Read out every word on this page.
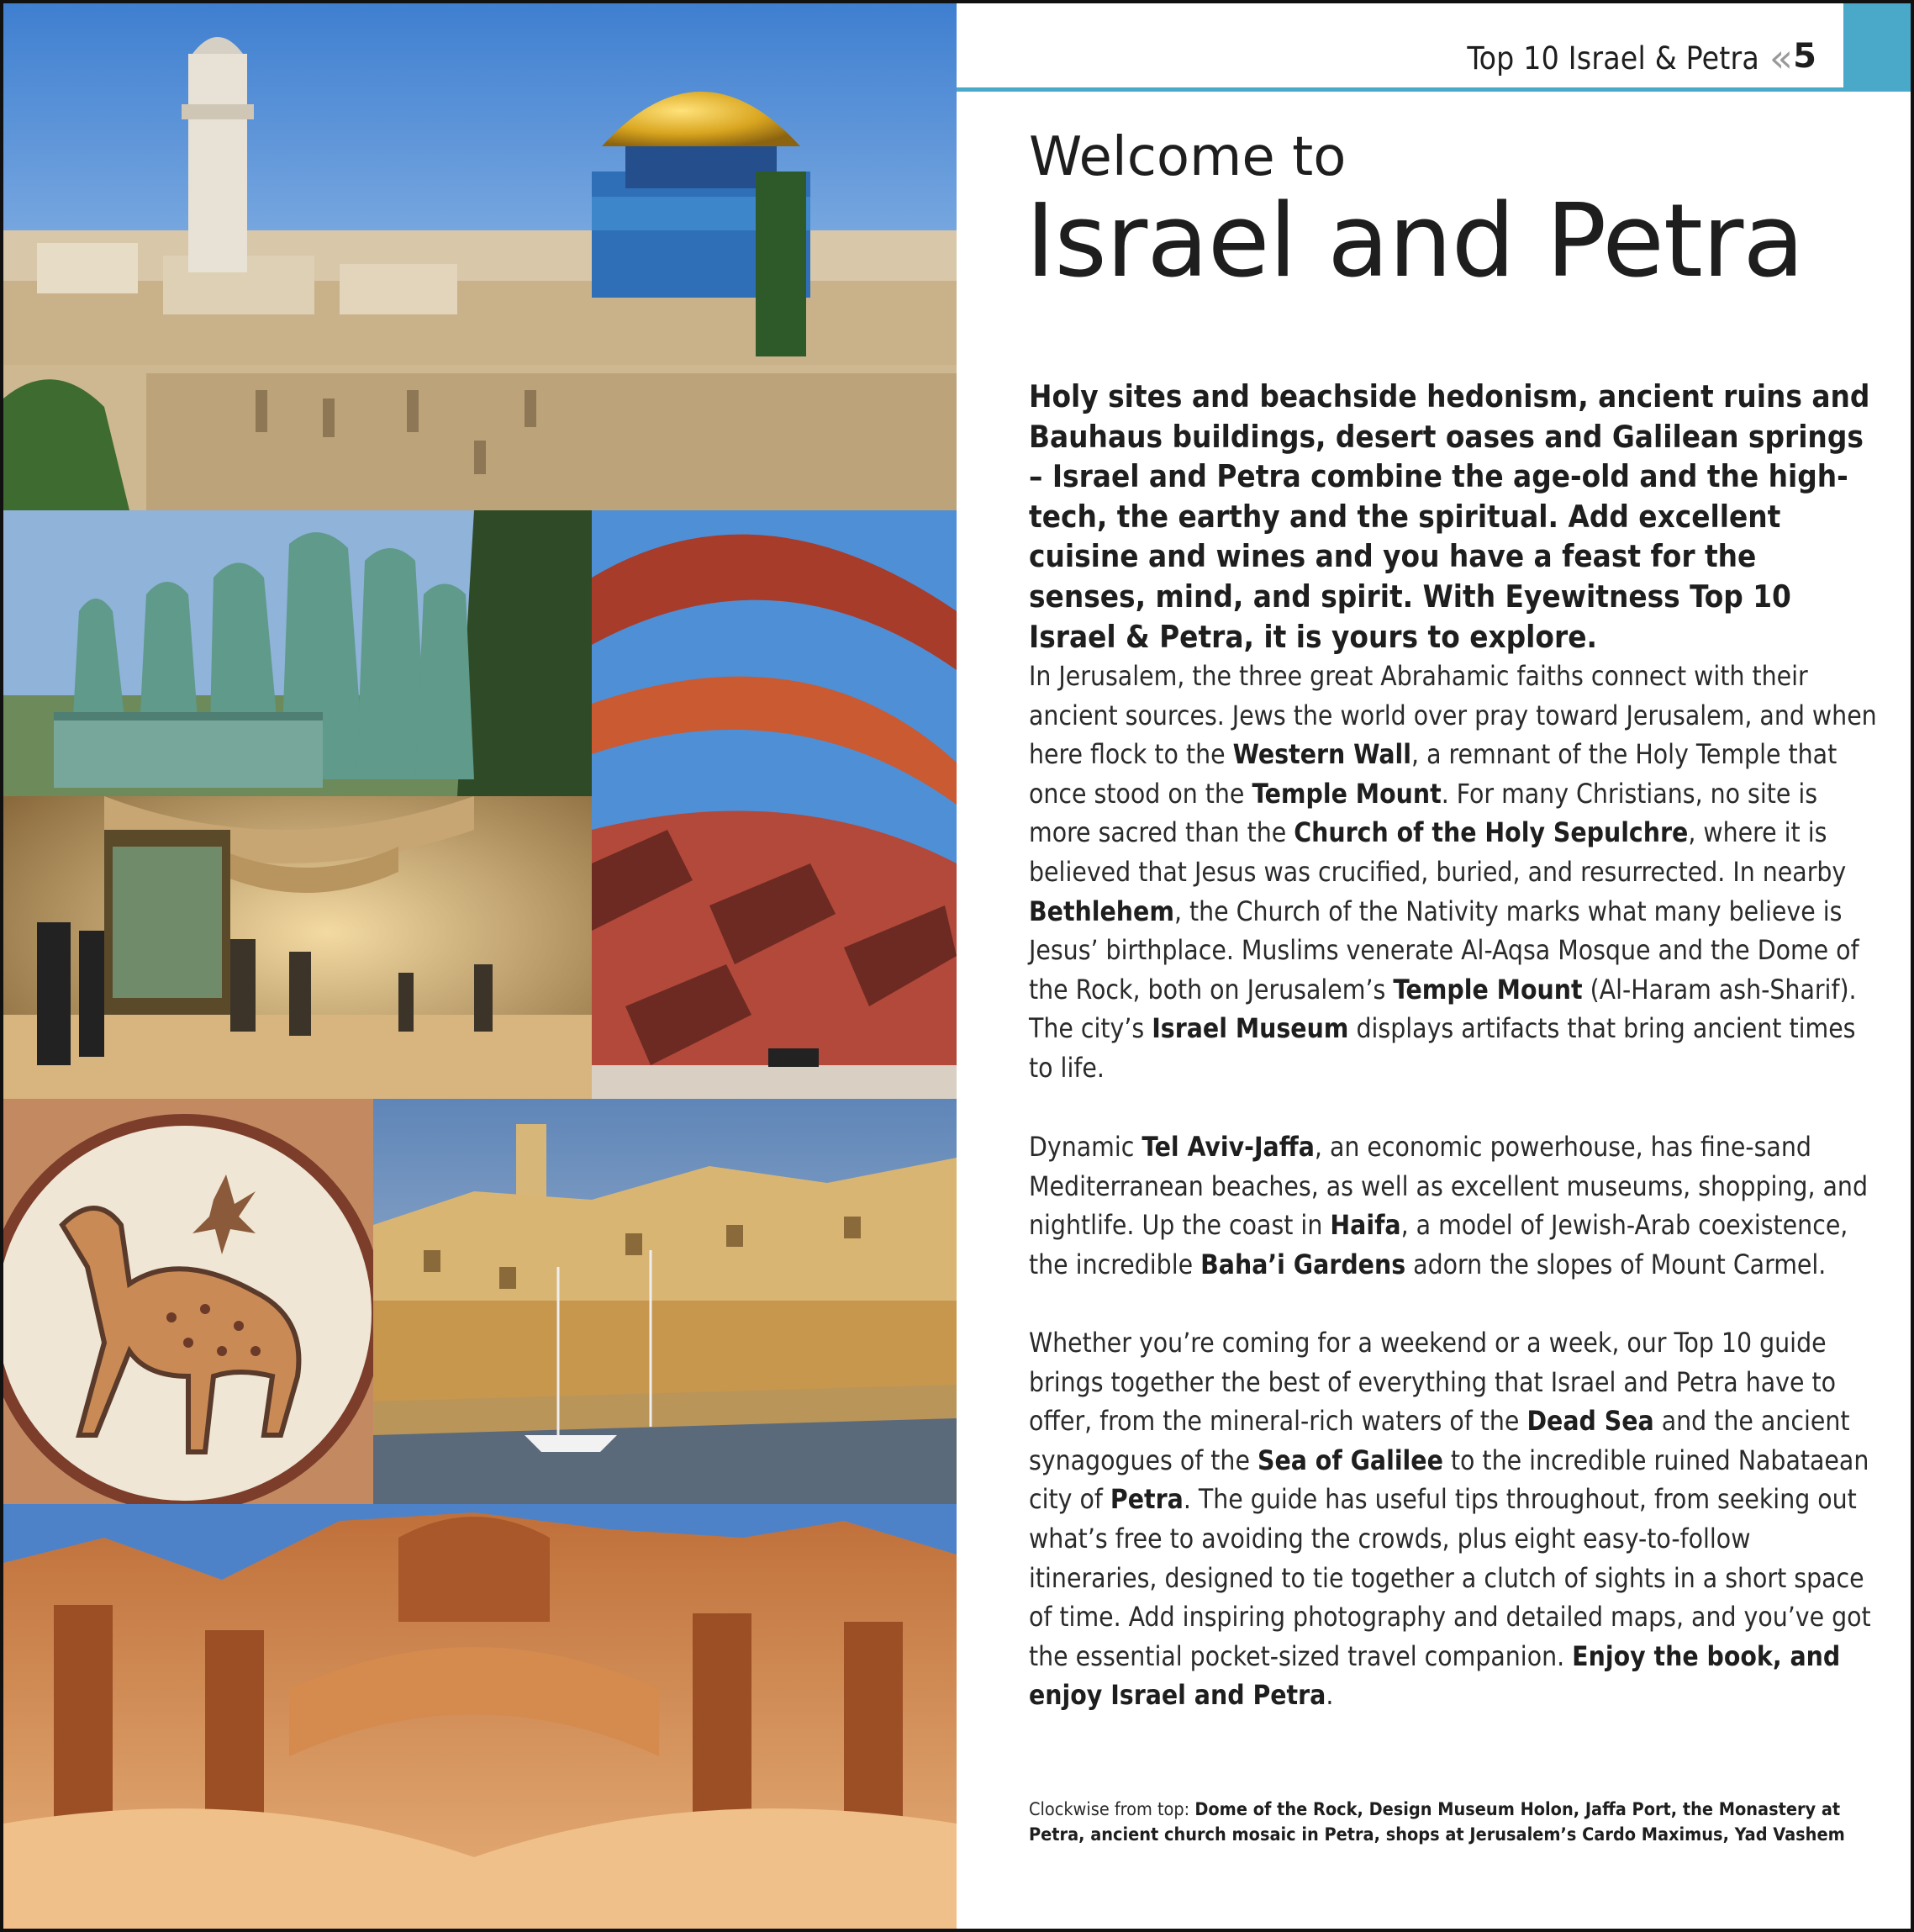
Top 10 Israel & Petra « 5
Welcome to
Israel and Petra

Holy sites and beachside hedonism, ancient ruins and Bauhaus buildings, desert oases and Galilean springs – Israel and Petra combine the age-old and the high-tech, the earthy and the spiritual. Add excellent cuisine and wines and you have a feast for the senses, mind, and spirit. With Eyewitness Top 10 Israel & Petra, it is yours to explore.

In Jerusalem, the three great Abrahamic faiths connect with their ancient sources. Jews the world over pray toward Jerusalem, and when here flock to the Western Wall, a remnant of the Holy Temple that once stood on the Temple Mount. For many Christians, no site is more sacred than the Church of the Holy Sepulchre, where it is believed that Jesus was crucified, buried, and resurrected. In nearby Bethlehem, the Church of the Nativity marks what many believe is Jesus’ birthplace. Muslims venerate Al-Aqsa Mosque and the Dome of the Rock, both on Jerusalem’s Temple Mount (Al-Haram ash-Sharif). The city’s Israel Museum displays artifacts that bring ancient times to life.

Dynamic Tel Aviv-Jaffa, an economic powerhouse, has fine-sand Mediterranean beaches, as well as excellent museums, shopping, and nightlife. Up the coast in Haifa, a model of Jewish-Arab coexistence, the incredible Baha’i Gardens adorn the slopes of Mount Carmel.

Whether you’re coming for a weekend or a week, our Top 10 guide brings together the best of everything that Israel and Petra have to offer, from the mineral-rich waters of the Dead Sea and the ancient synagogues of the Sea of Galilee to the incredible ruined Nabataean city of Petra. The guide has useful tips throughout, from seeking out what’s free to avoiding the crowds, plus eight easy-to-follow itineraries, designed to tie together a clutch of sights in a short space of time. Add inspiring photography and detailed maps, and you’ve got the essential pocket-sized travel companion. Enjoy the book, and enjoy Israel and Petra.

Clockwise from top: Dome of the Rock, Design Museum Holon, Jaffa Port, the Monastery at Petra, ancient church mosaic in Petra, shops at Jerusalem’s Cardo Maximus, Yad Vashem
